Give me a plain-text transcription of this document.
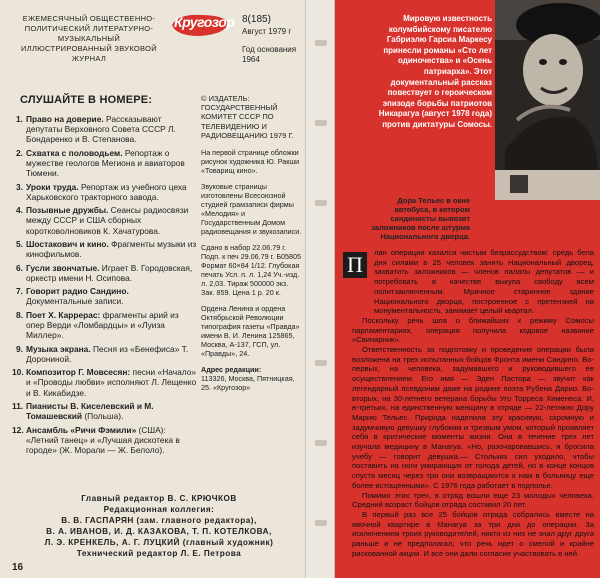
ЕЖЕМЕСЯЧНЫЙ ОБЩЕСТВЕННО-ПОЛИТИЧЕСКИЙ ЛИТЕРАТУРНО-МУЗЫКАЛЬНЫЙ ИЛЛЮСТРИРОВАННЫЙ ЗВУКОВОЙ ЖУРНАЛ
Кругозор 8(185)
Август 1979 г
Год основания
1964
СЛУШАЙТЕ В НОМЕРЕ:
1. Право на доверие. Рассказывают депутаты Верховного Совета СССР Л. Бондаренко и В. Степанова.
2. Схватка с половодьем. Репортаж о мужестве геологов Мегиона и авиаторов Тюмени.
3. Уроки труда. Репортаж из учебного цеха Харьковского тракторного завода.
4. Позывные дружбы. Сеансы радиосвязи между СССР и США сборных коротковолновиков К. Хачатурова.
5. Шостакович и кино. Фрагменты музыки из кинофильмов.
6. Гусли звончатые. Играет В. Городовская, оркестр имени Н. Осипова.
7. Говорит радио Сандино. Документальные записи.
8. Поет Х. Каррерас: фрагменты арий из опер Верди «Ломбардцы» и «Луиза Миллер».
9. Музыка экрана. Песня из «Бенефиса» Т. Дорониной.
10. Композитор Г. Мовсесян: песни «Начало» и «Проводы любви» исполняют Л. Лещенко и В. Кикабидзе.
11. Пианисты В. Киселевский и М. Томашевский (Польша).
12. Ансамбль «Ричи Фэмили» (США): «Летний танец» и «Лучшая дискотека в городе» (Ж. Морали — Ж. Белоло).
© ИЗДАТЕЛЬ: ГОСУДАРСТВЕННЫЙ КОМИТЕТ СССР ПО ТЕЛЕВИДЕНИЮ И РАДИОВЕЩАНИЮ 1979 Г.

На первой странице обложки рисунок художника Ю. Ракши «Товарищ кино».

Звуковые страницы изготовлены Всесоюзной студией грамзаписи фирмы «Мелодия» и Государственным Домом радиовещания и звукозаписи.

Сдано в набор 22.06.79 г. Подп. к печ 29.06.79 г. Б05805 Формат 60×84 1/12. Глубокая печать Усл. п. л. 1,24 Уч.-изд. л. 2,03. Тираж 500000 экз. Зак. 859. Цена 1 р. 20 к.

Ордена Ленина и ордена Октябрьской Революции типография газеты «Правда» имени В. И. Ленина 125865, Москва, А-137, ГСП, ул. «Правды», 24.

Адрес редакции:
113326, Москва, Пятницкая, 25. «Кругозор»

Главный редактор В. С. КРЮЧКОВ
Редакционная коллегия:
В. В. ГАСПАРЯН (зам. главного редактора),
В. А. ИВАНОВ, И. Д. КАЗАКОВА, Т. П. КОТЕЛКОВА,
Л. Э. КРЕНКЕЛЬ, А. Г. ЛУЦКИЙ (главный художник)
Технический редактор Л. Е. Петрова
16
Мировую известность колумбийскому писателю Габриэлю Гарсиа Маркесу принесли романы «Сто лет одиночества» и «Осень патриарха». Этот документальный рассказ повествует о героическом эпизоде борьбы патриотов Никарагуа (август 1978 года) против диктатуры Сомосы.
Дора Тельес в окне автобуса, в котором сандинисты вывозят заложников после штурма Национального дворца.
П	лан операции казался чистым безрассудством: средь бела дня силами в 25 человек занять Национальный дворец, захватить заложников — членов палаты депутатов — и потребовать в качестве выкупа свободу всем политзаключенным. Мрачное старинное здание Национального дворца, построенное с претензией на монументальность, занимает целый квартал.

Поскольку речь шла о ближайших к режиму Сомосы парламентариях, операция получила кодовое название «Свинарник».

Ответственность за подготовку и проведение операции была возложена на трех испытанных бойцов Фронта имени Сандино. Во-первых, на человека, задумавшего и руководившего ее осуществлением. Его имя — Эден Пастора — звучит как легендарный псевдоним даже на родине поэта Рубена Дарио. Во-вторых, на 30-летнего ветерана борьбы Уго Торреса Хименеса. И, в-третьих, на единственную женщину в отряде — 22-летнюю Дору Марию Тельес. Природа наделила эту красивую, скромную и задумчивую девушку глубоким и трезвым умом, который проявляет себя в критические моменты жизни. Она в течение трех лет изучала медицину в Манагуа. «Но, разочаровавшись, я бросила учебу — говорит девушка.— Стольких сил уходило, чтобы поставить на ноги умирающих от голода детей, но в конце концов спустя месяц через три они возвращаются к нам в больницу еще более истощенными». С 1976 года работает в подполье.

Помимо этих трех, в отряд вошли еще 23 молодых человека. Средний возраст бойцов отряда составил 20 лет.

В первый раз все 25 бойцов отряда собрались вместе на явочной квартире в Манагуа за три дня до операции. За исключением троих руководителей, никто из них не знал друг друга раньше и не предполагал, что речь идет о смелой и крайне рискованной акции. И все они дали согласие участвовать в ней.
